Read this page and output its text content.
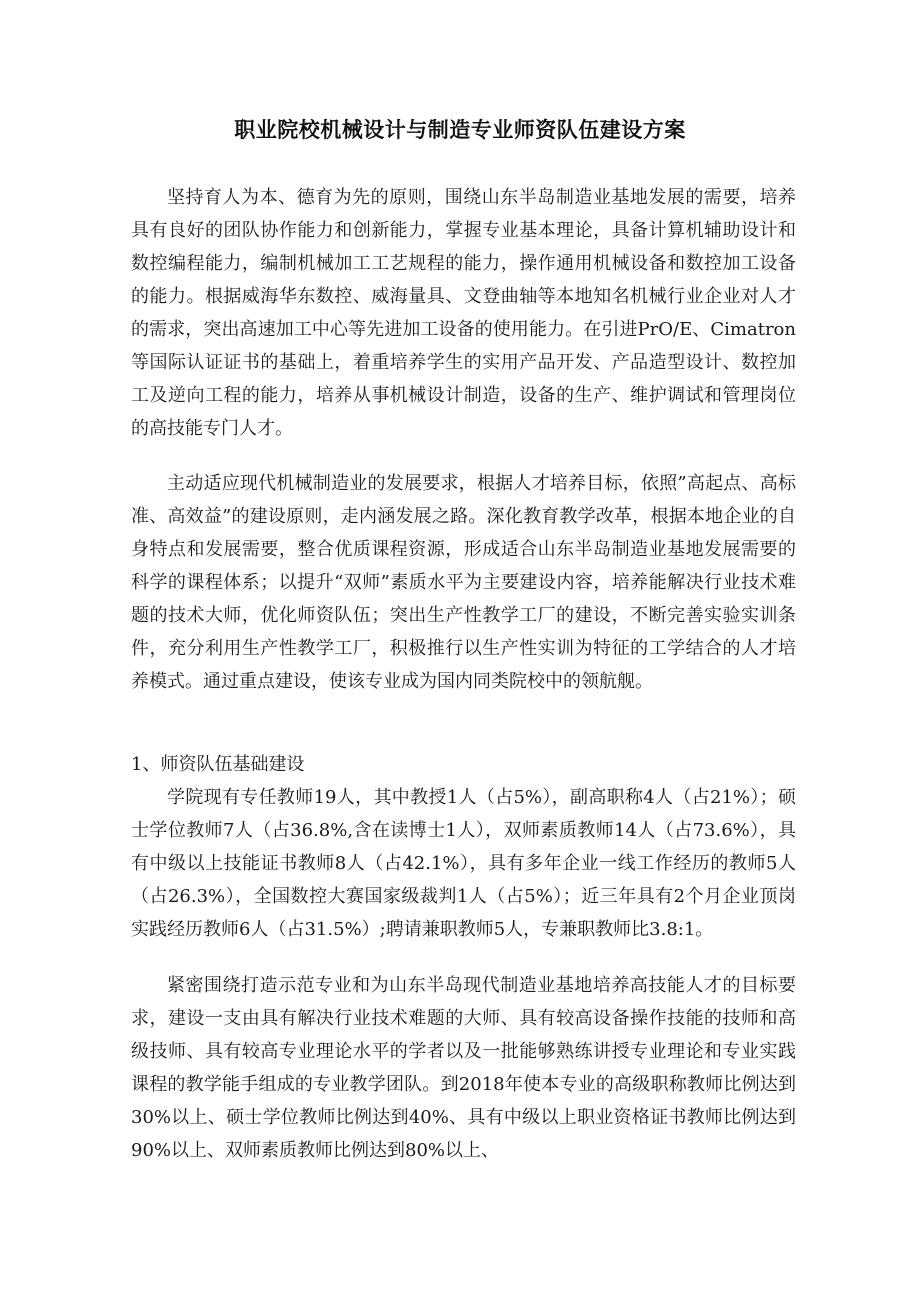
职业院校机械设计与制造专业师资队伍建设方案

坚持育人为本、德育为先的原则，围绕山东半岛制造业基地发展的需要，培养具有良好的团队协作能力和创新能力，掌握专业基本理论，具备计算机辅助设计和数控编程能力，编制机械加工工艺规程的能力，操作通用机械设备和数控加工设备的能力。根据威海华东数控、威海量具、文登曲轴等本地知名机械行业企业对人才的需求，突出高速加工中心等先进加工设备的使用能力。在引进PrO/E、Cimatron等国际认证证书的基础上，着重培养学生的实用产品开发、产品造型设计、数控加工及逆向工程的能力，培养从事机械设计制造，设备的生产、维护调试和管理岗位的高技能专门人才。

主动适应现代机械制造业的发展要求，根据人才培养目标，依照”高起点、高标准、高效益”的建设原则，走内涵发展之路。深化教育教学改革，根据本地企业的自身特点和发展需要，整合优质课程资源，形成适合山东半岛制造业基地发展需要的科学的课程体系；以提升“双师”素质水平为主要建设内容，培养能解决行业技术难题的技术大师，优化师资队伍；突出生产性教学工厂的建设，不断完善实验实训条件，充分利用生产性教学工厂，积极推行以生产性实训为特征的工学结合的人才培养模式。通过重点建设，使该专业成为国内同类院校中的领航舰。

1、师资队伍基础建设

学院现有专任教师19人，其中教授1人（占5%），副高职称4人（占21%）；硕士学位教师7人（占36.8%,含在读博士1人），双师素质教师14人（占73.6%），具有中级以上技能证书教师8人（占42.1%），具有多年企业一线工作经历的教师5人（占26.3%），全国数控大赛国家级裁判1人（占5%）；近三年具有2个月企业顶岗实践经历教师6人（占31.5%）;聘请兼职教师5人，专兼职教师比3.8:1。

紧密围绕打造示范专业和为山东半岛现代制造业基地培养高技能人才的目标要求，建设一支由具有解决行业技术难题的大师、具有较高设备操作技能的技师和高级技师、具有较高专业理论水平的学者以及一批能够熟练讲授专业理论和专业实践课程的教学能手组成的专业教学团队。到2018年使本专业的高级职称教师比例达到30%以上、硕士学位教师比例达到40%、具有中级以上职业资格证书教师比例达到90%以上、双师素质教师比例达到80%以上、
